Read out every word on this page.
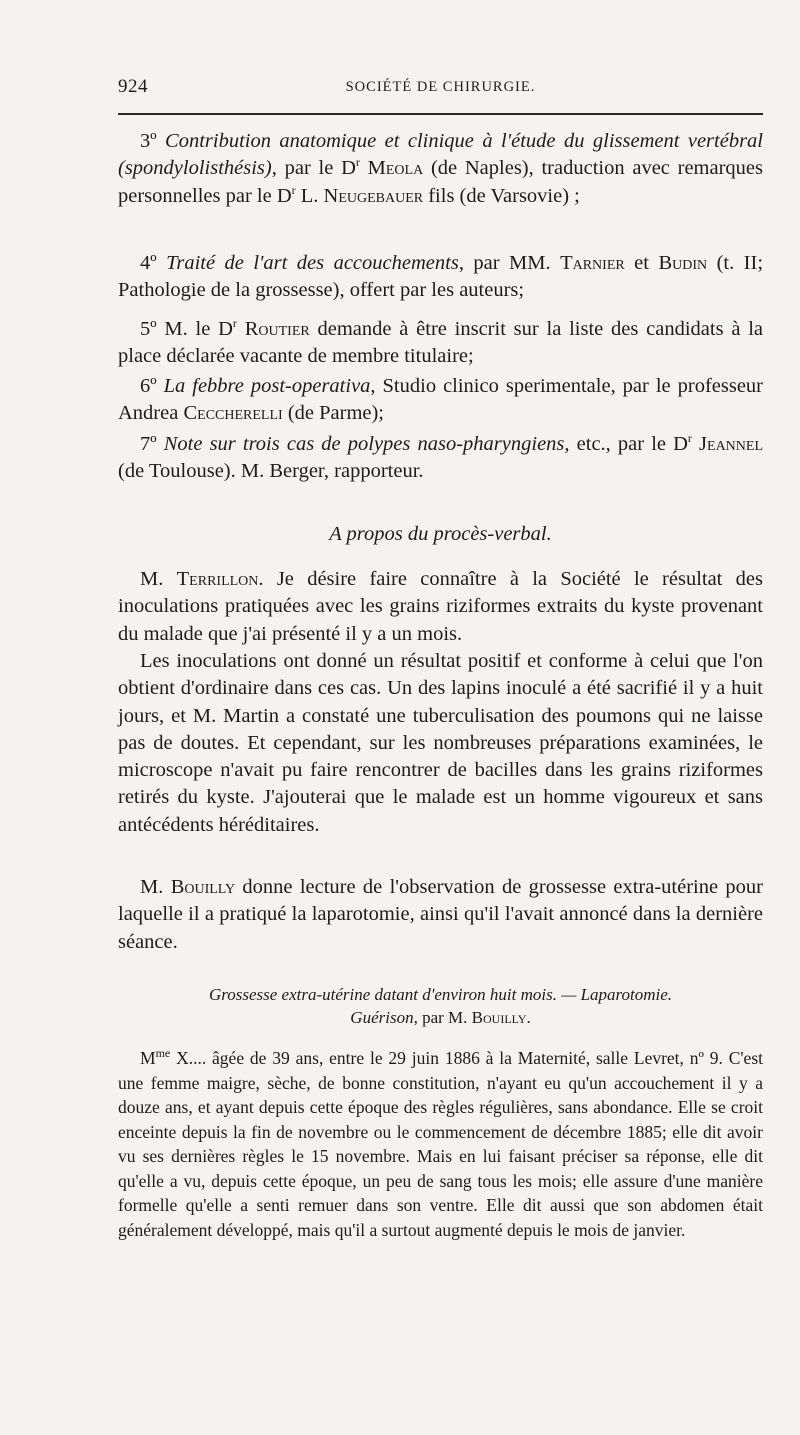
924	SOCIÉTÉ DE CHIRURGIE.

3º Contribution anatomique et clinique à l'étude du glissement vertébral (spondylolisthésis), par le $D^r$ Meola (de Naples), traduction avec remarques personnelles par le $D^r$ L. Neugebauer fils (de Varsovie) ;

4º Traité de l'art des accouchements, par MM. Tarnier et Budin (t. II; Pathologie de la grossesse), offert par les auteurs;

5º M. le $D^r$ Routier demande à être inscrit sur la liste des candidats à la place déclarée vacante de membre titulaire;

6º La febbre post-operativa, Studio clinico sperimentale, par le professeur Andrea Ceccherelli (de Parme);

7º Note sur trois cas de polypes naso-pharyngiens, etc., par le $D^r$ Jeannel (de Toulouse). M. Berger, rapporteur.

A propos du procès-verbal.

M. Terrillon. Je désire faire connaître à la Société le résultat des inoculations pratiquées avec les grains riziformes extraits du kyste provenant du malade que j'ai présenté il y a un mois.

Les inoculations ont donné un résultat positif et conforme à celui que l'on obtient d'ordinaire dans ces cas. Un des lapins inoculé a été sacrifié il y a huit jours, et M. Martin a constaté une tuberculisation des poumons qui ne laisse pas de doutes. Et cependant, sur les nombreuses préparations examinées, le microscope n'avait pu faire rencontrer de bacilles dans les grains riziformes retirés du kyste. J'ajouterai que le malade est un homme vigoureux et sans antécédents héréditaires.

M. Bouilly donne lecture de l'observation de grossesse extra-utérine pour laquelle il a pratiqué la laparotomie, ainsi qu'il l'avait annoncé dans la dernière séance.

Grossesse extra-utérine datant d'environ huit mois. — Laparotomie.
Guérison, par M. Bouilly.

$M^{me}$ X.... âgée de 39 ans, entre le 29 juin 1886 à la Maternité, salle Levret, nº 9. C'est une femme maigre, sèche, de bonne constitution, n'ayant eu qu'un accouchement il y a douze ans, et ayant depuis cette époque des règles régulières, sans abondance. Elle se croit enceinte depuis la fin de novembre ou le commencement de décembre 1885; elle dit avoir vu ses dernières règles le 15 novembre. Mais en lui faisant préciser sa réponse, elle dit qu'elle a vu, depuis cette époque, un peu de sang tous les mois; elle assure d'une manière formelle qu'elle a senti remuer dans son ventre. Elle dit aussi que son abdomen était généralement développé, mais qu'il a surtout augmenté depuis le mois de janvier.
